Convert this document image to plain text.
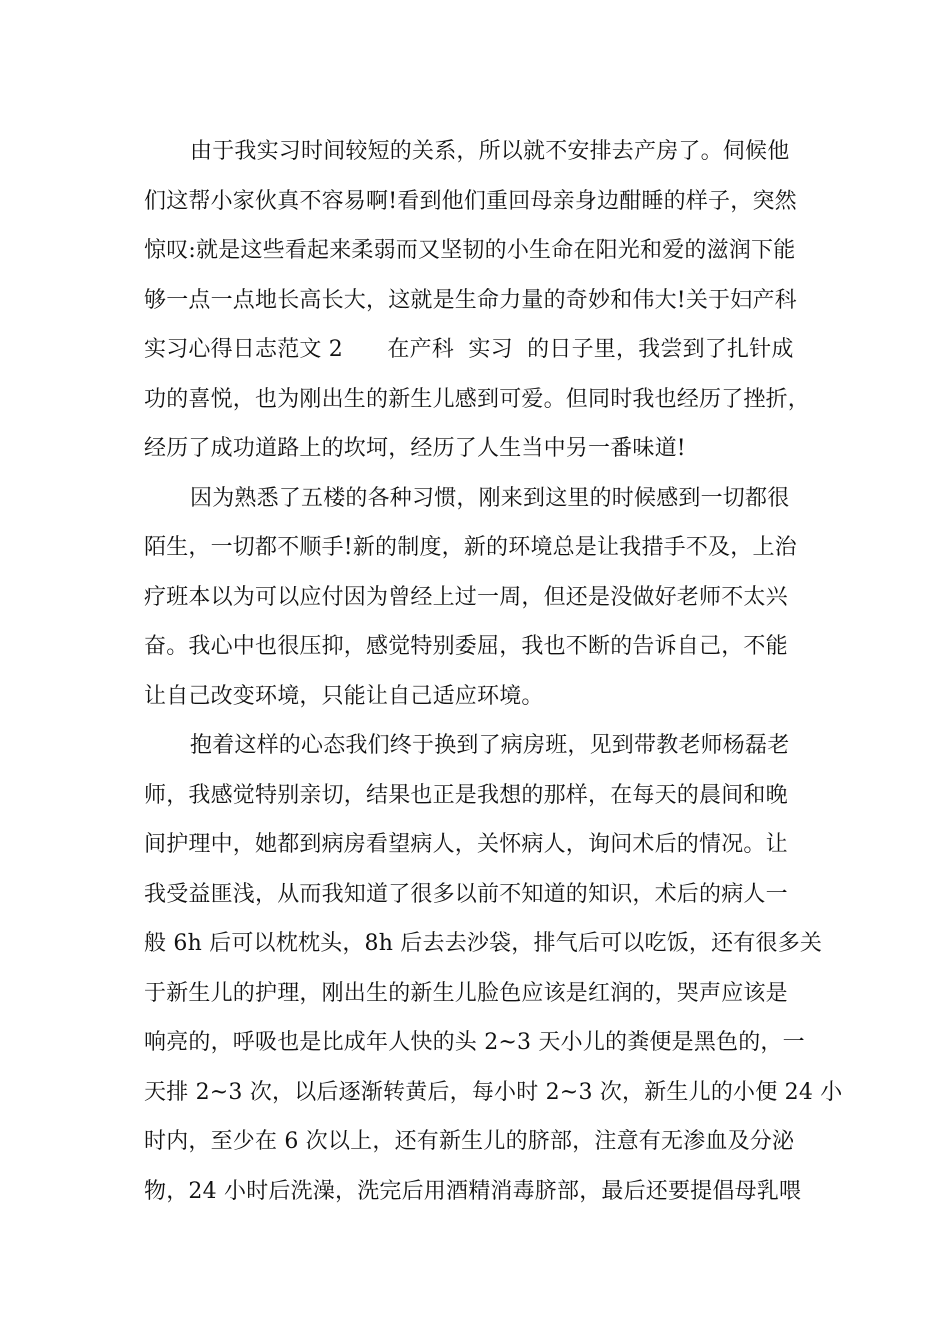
由于我实习时间较短的关系，所以就不安排去产房了。伺候他
们这帮小家伙真不容易啊!看到他们重回母亲身边酣睡的样子，突然
惊叹:就是这些看起来柔弱而又坚韧的小生命在阳光和爱的滋润下能
够一点一点地长高长大，这就是生命力量的奇妙和伟大!关于妇产科
实习心得日志范文 2　　在产科  实习  的日子里，我尝到了扎针成
功的喜悦，也为刚出生的新生儿感到可爱。但同时我也经历了挫折，
经历了成功道路上的坎坷，经历了人生当中另一番味道!
因为熟悉了五楼的各种习惯，刚来到这里的时候感到一切都很
陌生，一切都不顺手!新的制度，新的环境总是让我措手不及，上治
疗班本以为可以应付因为曾经上过一周，但还是没做好老师不太兴
奋。我心中也很压抑，感觉特别委屈，我也不断的告诉自己，不能
让自己改变环境，只能让自己适应环境。
抱着这样的心态我们终于换到了病房班，见到带教老师杨磊老
师，我感觉特别亲切，结果也正是我想的那样，在每天的晨间和晚
间护理中，她都到病房看望病人，关怀病人，询问术后的情况。让
我受益匪浅，从而我知道了很多以前不知道的知识，术后的病人一
般 6h 后可以枕枕头，8h 后去去沙袋，排气后可以吃饭，还有很多关
于新生儿的护理，刚出生的新生儿脸色应该是红润的，哭声应该是
响亮的，呼吸也是比成年人快的头 2~3 天小儿的粪便是黑色的，一
天排 2~3 次，以后逐渐转黄后，每小时 2~3 次，新生儿的小便 24 小
时内，至少在 6 次以上，还有新生儿的脐部，注意有无渗血及分泌
物，24 小时后洗澡，洗完后用酒精消毒脐部，最后还要提倡母乳喂
